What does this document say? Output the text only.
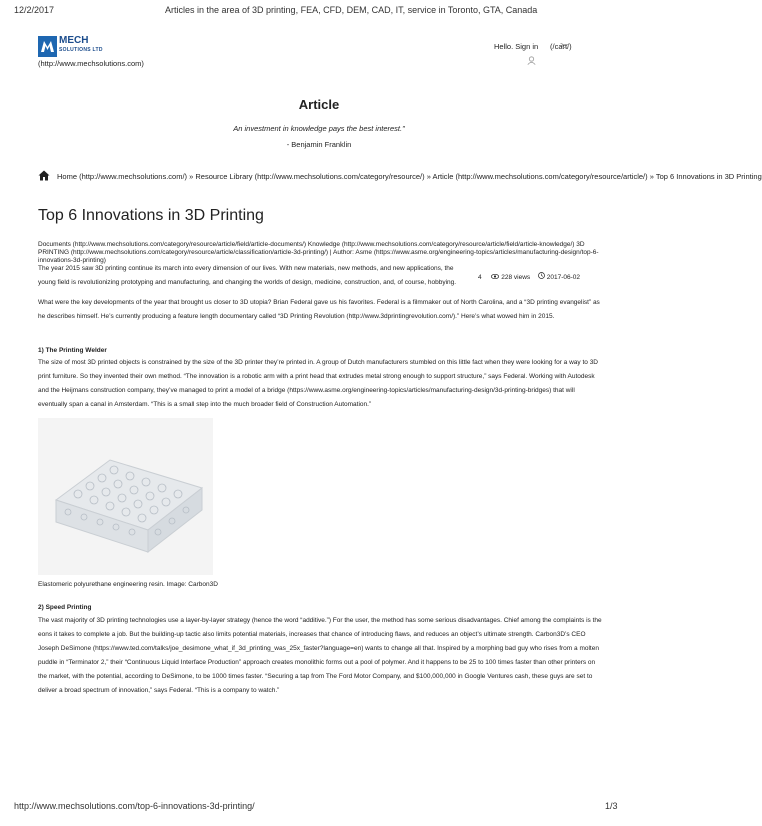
12/2/2017	Articles in the area of 3D printing, FEA, CFD, DEM, CAD, IT, service in Toronto, GTA, Canada
MECH
SOLUTIONS LTD
(http://www.mechsolutions.com)
Hello. Sign in (/cart/)
Article
An investment in knowledge pays the best interest."
- Benjamin Franklin
Home (http://www.mechsolutions.com/) » Resource Library (http://www.mechsolutions.com/category/resource/) » Article (http://www.mechsolutions.com/category/resource/article/) » Top 6 Innovations in 3D Printing
Top 6 Innovations in 3D Printing
Documents (http://www.mechsolutions.com/category/resource/article/field/article-documents/) Knowledge (http://www.mechsolutions.com/category/resource/article/field/article-knowledge/) 3D PRINTING (http://www.mechsolutions.com/category/resource/article/classification/article-3d-printing/) | Author: Asme (https://www.asme.org/engineering-topics/articles/manufacturing-design/top-6-innovations-3d-printing)
The year 2015 saw 3D printing continue its march into every dimension of our lives. With new materials, new methods, and new applications, the young field is revolutionizing prototyping and manufacturing, and changing the worlds of design, medicine, construction, and, of course, hobbying.
4	228 views	2017-06-02
What were the key developments of the year that brought us closer to 3D utopia? Brian Federal gave us his favorites. Federal is a filmmaker out of North Carolina, and a “3D printing evangelist” as he describes himself. He’s currently producing a feature length documentary called “3D Printing Revolution (http://www.3dprintingrevolution.com/).” Here’s what wowed him in 2015.
1) The Printing Welder
The size of most 3D printed objects is constrained by the size of the 3D printer they’re printed in. A group of Dutch manufacturers stumbled on this little fact when they were looking for a way to 3D print furniture. So they invented their own method. “The innovation is a robotic arm with a print head that extrudes metal strong enough to support structure,” says Federal. Working with Autodesk and the Heijmans construction company, they’ve managed to print a model of a bridge (https://www.asme.org/engineering-topics/articles/manufacturing-design/3d-printing-bridges) that will eventually span a canal in Amsterdam. “This is a small step into the much broader field of Construction Automation.”
Elastomeric polyurethane engineering resin. Image: Carbon3D
2) Speed Printing
The vast majority of 3D printing technologies use a layer-by-layer strategy (hence the word “additive.”) For the user, the method has some serious disadvantages. Chief among the complaints is the eons it takes to complete a job. But the building-up tactic also limits potential materials, increases that chance of introducing flaws, and reduces an object’s ultimate strength. Carbon3D’s CEO Joseph DeSimone (https://www.ted.com/talks/joe_desimone_what_if_3d_printing_was_25x_faster?language=en) wants to change all that. Inspired by a morphing bad guy who rises from a molten puddle in “Terminator 2,” their “Continuous Liquid Interface Production” approach creates monolithic forms out a pool of polymer. And it happens to be 25 to 100 times faster than other printers on the market, with the potential, according to DeSimone, to be 1000 times faster. “Securing a tap from The Ford Motor Company, and $100,000,000 in Google Ventures cash, these guys are set to deliver a broad spectrum of innovation,” says Federal. “This is a company to watch.”
http://www.mechsolutions.com/top-6-innovations-3d-printing/	1/3
